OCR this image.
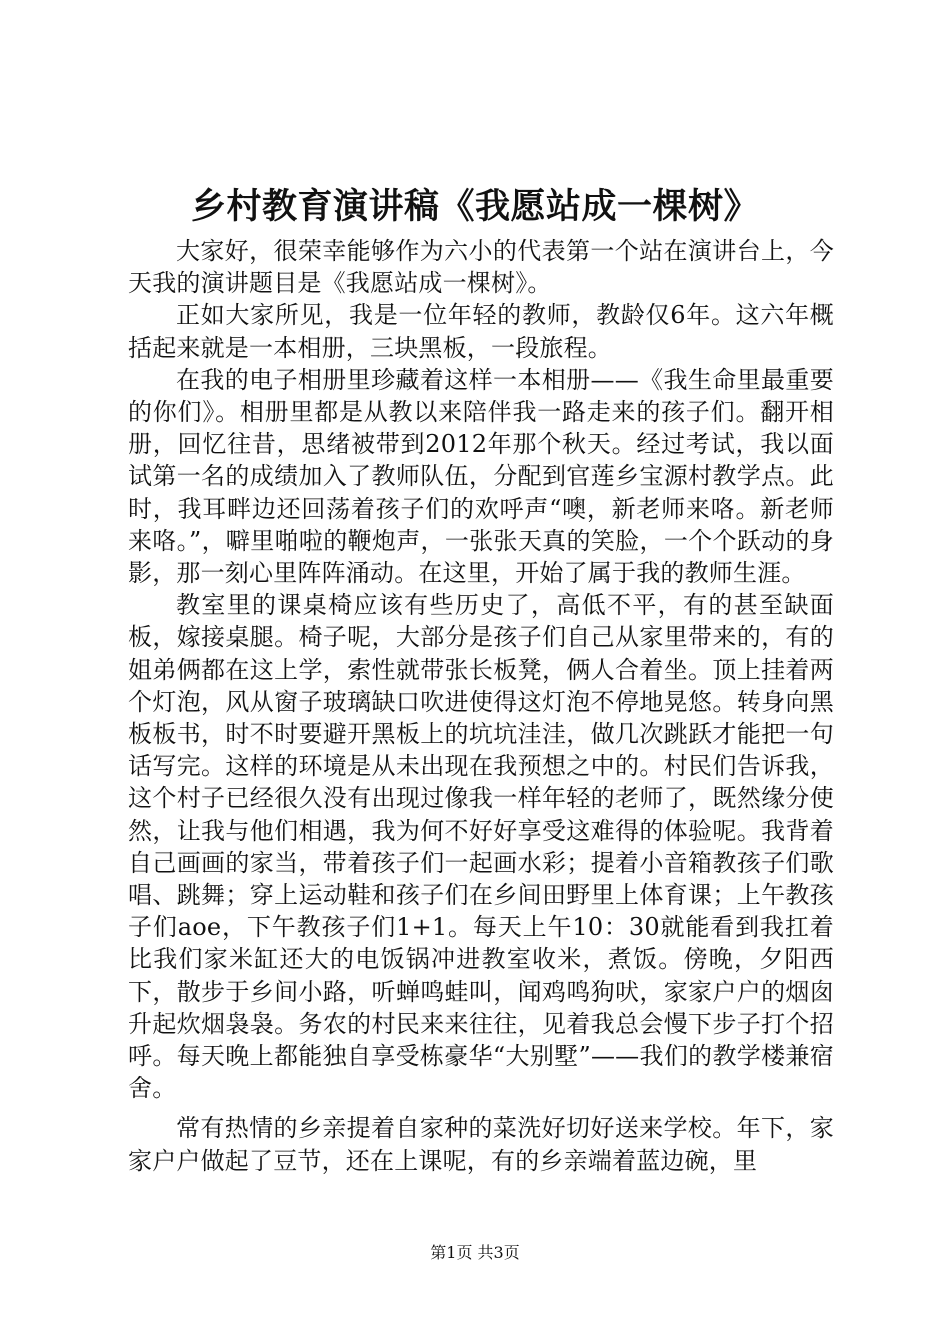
乡村教育演讲稿《我愿站成一棵树》

大家好，很荣幸能够作为六小的代表第一个站在演讲台上，今天我的演讲题目是《我愿站成一棵树》。

正如大家所见，我是一位年轻的教师，教龄仅6年。这六年概括起来就是一本相册，三块黑板，一段旅程。

在我的电子相册里珍藏着这样一本相册——《我生命里最重要的你们》。相册里都是从教以来陪伴我一路走来的孩子们。翻开相册，回忆往昔，思绪被带到2012年那个秋天。经过考试，我以面试第一名的成绩加入了教师队伍，分配到官莲乡宝源村教学点。此时，我耳畔边还回荡着孩子们的欢呼声“噢，新老师来咯。新老师来咯。”，噼里啪啦的鞭炮声，一张张天真的笑脸，一个个跃动的身影，那一刻心里阵阵涌动。在这里，开始了属于我的教师生涯。

教室里的课桌椅应该有些历史了，高低不平，有的甚至缺面板，嫁接桌腿。椅子呢，大部分是孩子们自己从家里带来的，有的姐弟俩都在这上学，索性就带张长板凳，俩人合着坐。顶上挂着两个灯泡，风从窗子玻璃缺口吹进使得这灯泡不停地晃悠。转身向黑板板书，时不时要避开黑板上的坑坑洼洼，做几次跳跃才能把一句话写完。这样的环境是从未出现在我预想之中的。村民们告诉我，这个村子已经很久没有出现过像我一样年轻的老师了，既然缘分使然，让我与他们相遇，我为何不好好享受这难得的体验呢。我背着自己画画的家当，带着孩子们一起画水彩；提着小音箱教孩子们歌唱、跳舞；穿上运动鞋和孩子们在乡间田野里上体育课；上午教孩子们aoe，下午教孩子们1+1。每天上午10：30就能看到我扛着比我们家米缸还大的电饭锅冲进教室收米，煮饭。傍晚，夕阳西下，散步于乡间小路，听蝉鸣蛙叫，闻鸡鸣狗吠，家家户户的烟囱升起炊烟袅袅。务农的村民来来往往，见着我总会慢下步子打个招呼。每天晚上都能独自享受栋豪华“大别墅”——我们的教学楼兼宿舍。

常有热情的乡亲提着自家种的菜洗好切好送来学校。年下，家家户户做起了豆节，还在上课呢，有的乡亲端着蓝边碗，里

第1页 共3页
